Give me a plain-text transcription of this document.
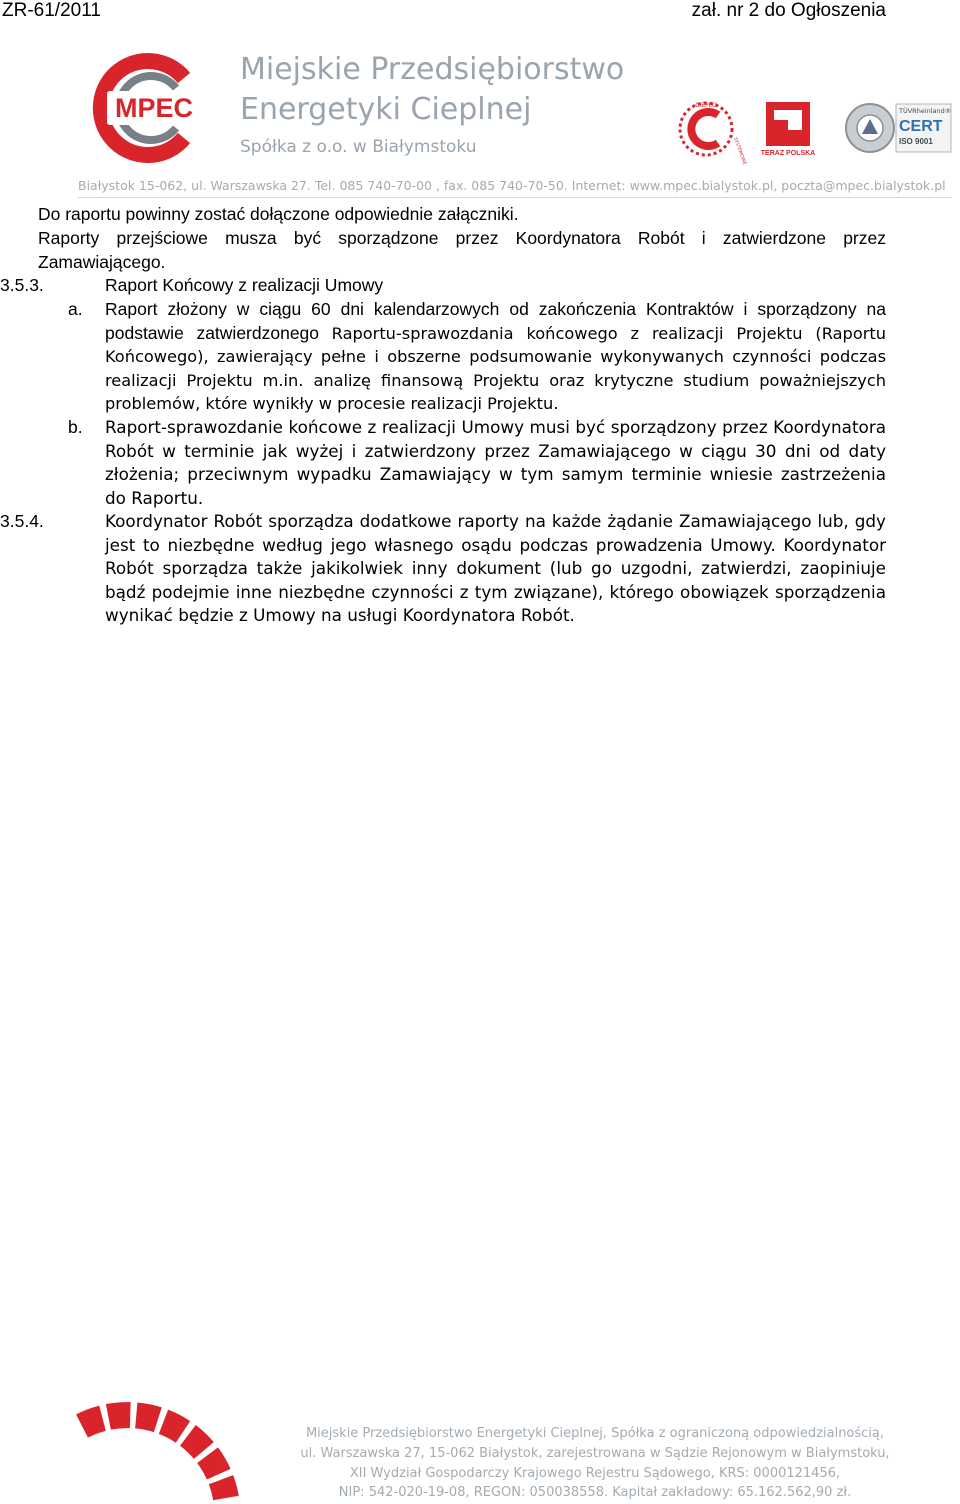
ZR-61/2011	zał. nr 2 do Ogłoszenia
MPEC
Miejskie Przedsiębiorstwo
Energetyki Cieplnej
Spółka z o.o. w Białymstoku
CIEPŁO
SYSTEMOWE TERAZ POLSKA
TÜVRheinland®
CERT
ISO 9001
Białystok 15-062, ul. Warszawska 27. Tel. 085 740-70-00 , fax. 085 740-70-50. Internet: www.mpec.bialystok.pl, poczta@mpec.bialystok.pl
Do raportu powinny zostać dołączone odpowiednie załączniki.
Raporty przejściowe musza być sporządzone przez Koordynatora Robót i zatwierdzone przez Zamawiającego.
3.5.3.	Raport Końcowy z realizacji Umowy
a. Raport złożony w ciągu 60 dni kalendarzowych od zakończenia Kontraktów i sporządzony na podstawie zatwierdzonego Raportu-sprawozdania końcowego z realizacji Projektu (Raportu Końcowego), zawierający pełne i obszerne podsumowanie wykonywanych czynności podczas realizacji Projektu m.in. analizę finansową Projektu oraz krytyczne studium poważniejszych problemów, które wynikły w procesie realizacji Projektu.
b. Raport-sprawozdanie końcowe z realizacji Umowy musi być sporządzony przez Koordynatora Robót w terminie jak wyżej i zatwierdzony przez Zamawiającego w ciągu 30 dni od daty złożenia; przeciwnym wypadku Zamawiający w tym samym terminie wniesie zastrzeżenia do Raportu.
3.5.4.	Koordynator Robót sporządza dodatkowe raporty na każde żądanie Zamawiającego lub, gdy jest to niezbędne według jego własnego osądu podczas prowadzenia Umowy. Koordynator Robót sporządza także jakikolwiek inny dokument (lub go uzgodni, zatwierdzi, zaopiniuje bądź podejmie inne niezbędne czynności z tym związane), którego obowiązek sporządzenia wynikać będzie z Umowy na usługi Koordynatora Robót.
Miejskie Przedsiębiorstwo Energetyki Cieplnej, Spółka z ograniczoną odpowiedzialnością,
ul. Warszawska 27, 15-062 Białystok, zarejestrowana w Sądzie Rejonowym w Białymstoku,
XII Wydział Gospodarczy Krajowego Rejestru Sądowego, KRS: 0000121456,
NIP: 542-020-19-08, REGON: 050038558. Kapitał zakładowy: 65.162.562,90 zł.
